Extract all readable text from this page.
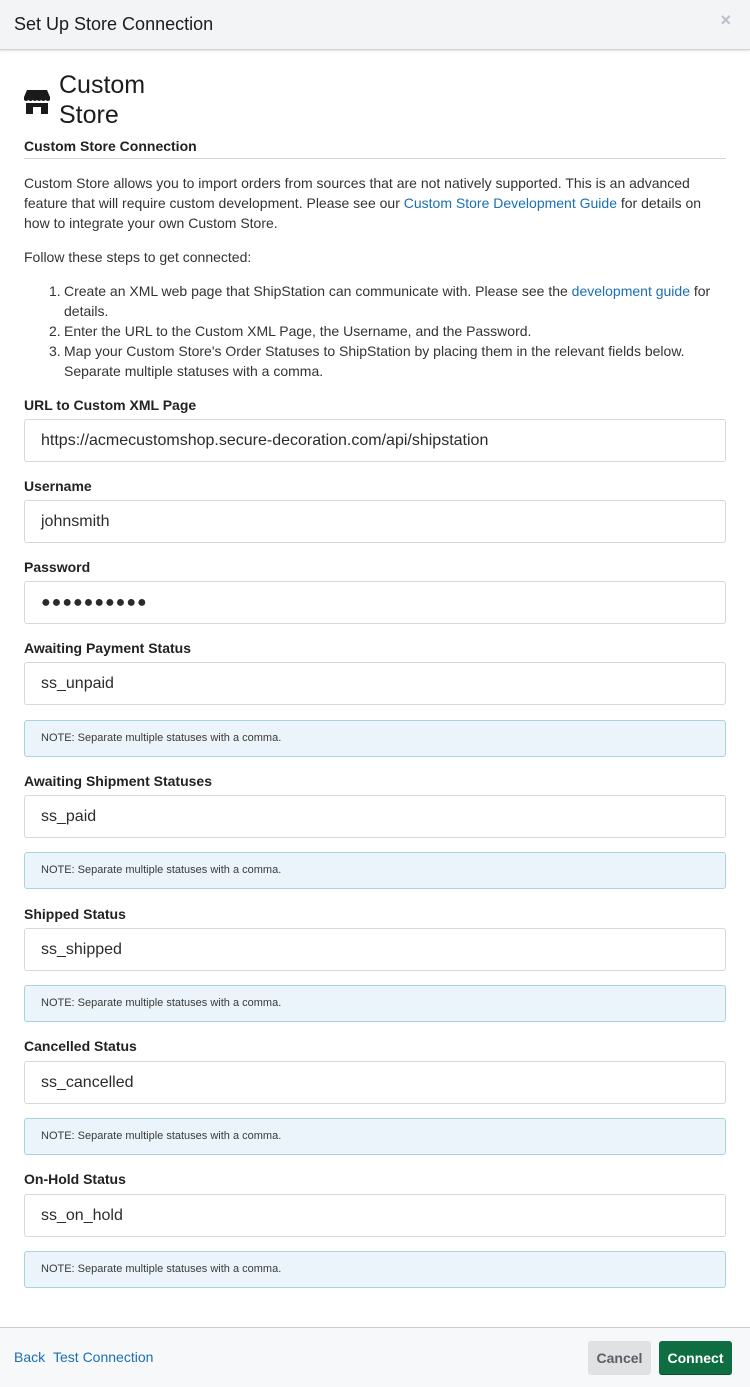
Set Up Store Connection	×
Custom Store
Custom Store Connection
Custom Store allows you to import orders from sources that are not natively supported. This is an advanced feature that will require custom development. Please see our Custom Store Development Guide for details on how to integrate your own Custom Store.
Follow these steps to get connected:
1. Create an XML web page that ShipStation can communicate with. Please see the development guide for details.
2. Enter the URL to the Custom XML Page, the Username, and the Password.
3. Map your Custom Store's Order Statuses to ShipStation by placing them in the relevant fields below. Separate multiple statuses with a comma.
URL to Custom XML Page
https://acmecustomshop.secure-decoration.com/api/shipstation
Username
johnsmith
Password
●●●●●●●●●●
Awaiting Payment Status
ss_unpaid
NOTE: Separate multiple statuses with a comma.
Awaiting Shipment Statuses
ss_paid
NOTE: Separate multiple statuses with a comma.
Shipped Status
ss_shipped
NOTE: Separate multiple statuses with a comma.
Cancelled Status
ss_cancelled
NOTE: Separate multiple statuses with a comma.
On-Hold Status
ss_on_hold
NOTE: Separate multiple statuses with a comma.
Back Test Connection	Cancel	Connect
